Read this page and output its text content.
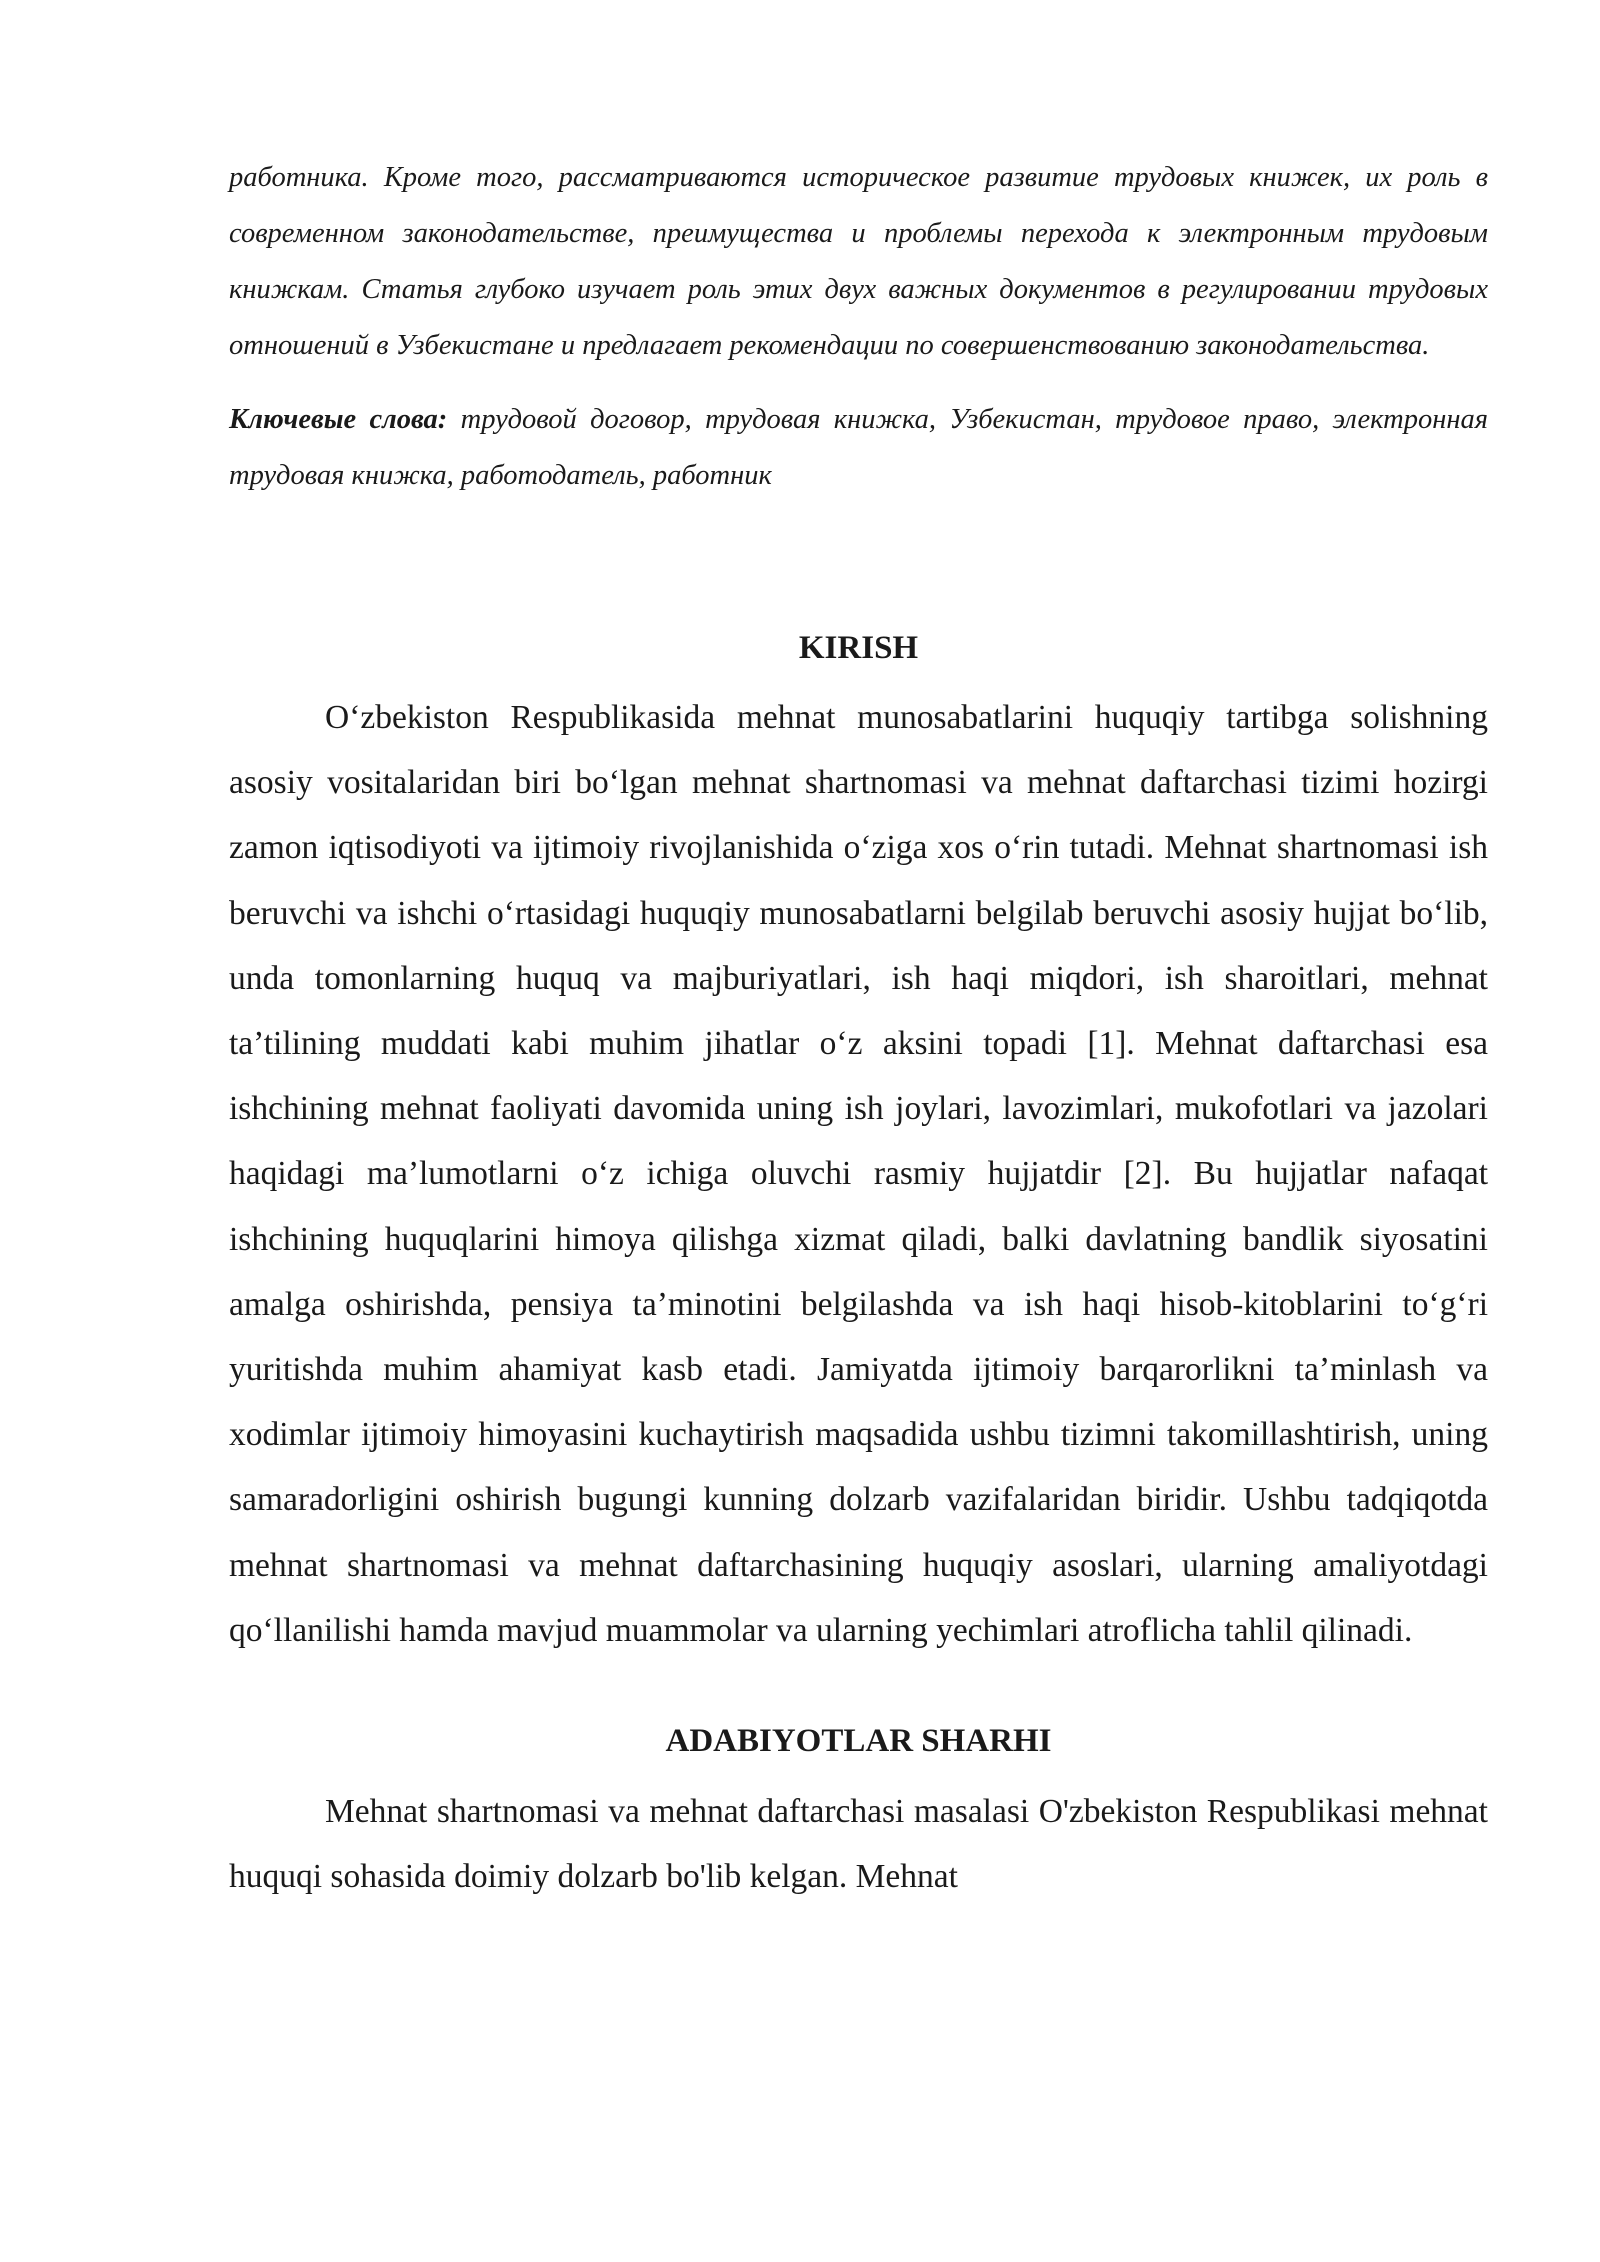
работника. Кроме того, рассматриваются историческое развитие трудовых книжек, их роль в современном законодательстве, преимущества и проблемы перехода к электронным трудовым книжкам. Статья глубоко изучает роль этих двух важных документов в регулировании трудовых отношений в Узбекистане и предлагает рекомендации по совершенствованию законодательства.

Ключевые слова: трудовой договор, трудовая книжка, Узбекистан, трудовое право, электронная трудовая книжка, работодатель, работник

KIRISH

O‘zbekiston Respublikasida mehnat munosabatlarini huquqiy tartibga solishning asosiy vositalaridan biri bo‘lgan mehnat shartnomasi va mehnat daftarchasi tizimi hozirgi zamon iqtisodiyoti va ijtimoiy rivojlanishida o‘ziga xos o‘rin tutadi. Mehnat shartnomasi ish beruvchi va ishchi o‘rtasidagi huquqiy munosabatlarni belgilab beruvchi asosiy hujjat bo‘lib, unda tomonlarning huquq va majburiyatlari, ish haqi miqdori, ish sharoitlari, mehnat ta’tilining muddati kabi muhim jihatlar o‘z aksini topadi [1]. Mehnat daftarchasi esa ishchining mehnat faoliyati davomida uning ish joylari, lavozimlari, mukofotlari va jazolari haqidagi ma’lumotlarni o‘z ichiga oluvchi rasmiy hujjatdir [2]. Bu hujjatlar nafaqat ishchining huquqlarini himoya qilishga xizmat qiladi, balki davlatning bandlik siyosatini amalga oshirishda, pensiya ta’minotini belgilashda va ish haqi hisob-kitoblarini to‘g‘ri yuritishda muhim ahamiyat kasb etadi. Jamiyatda ijtimoiy barqarorlikni ta’minlash va xodimlar ijtimoiy himoyasini kuchaytirish maqsadida ushbu tizimni takomillashtirish, uning samaradorligini oshirish bugungi kunning dolzarb vazifalaridan biridir. Ushbu tadqiqotda mehnat shartnomasi va mehnat daftarchasining huquqiy asoslari, ularning amaliyotdagi qo‘llanilishi hamda mavjud muammolar va ularning yechimlari atroflicha tahlil qilinadi.

ADABIYOTLAR SHARHI

Mehnat shartnomasi va mehnat daftarchasi masalasi O'zbekiston Respublikasi mehnat huquqi sohasida doimiy dolzarb bo'lib kelgan. Mehnat
